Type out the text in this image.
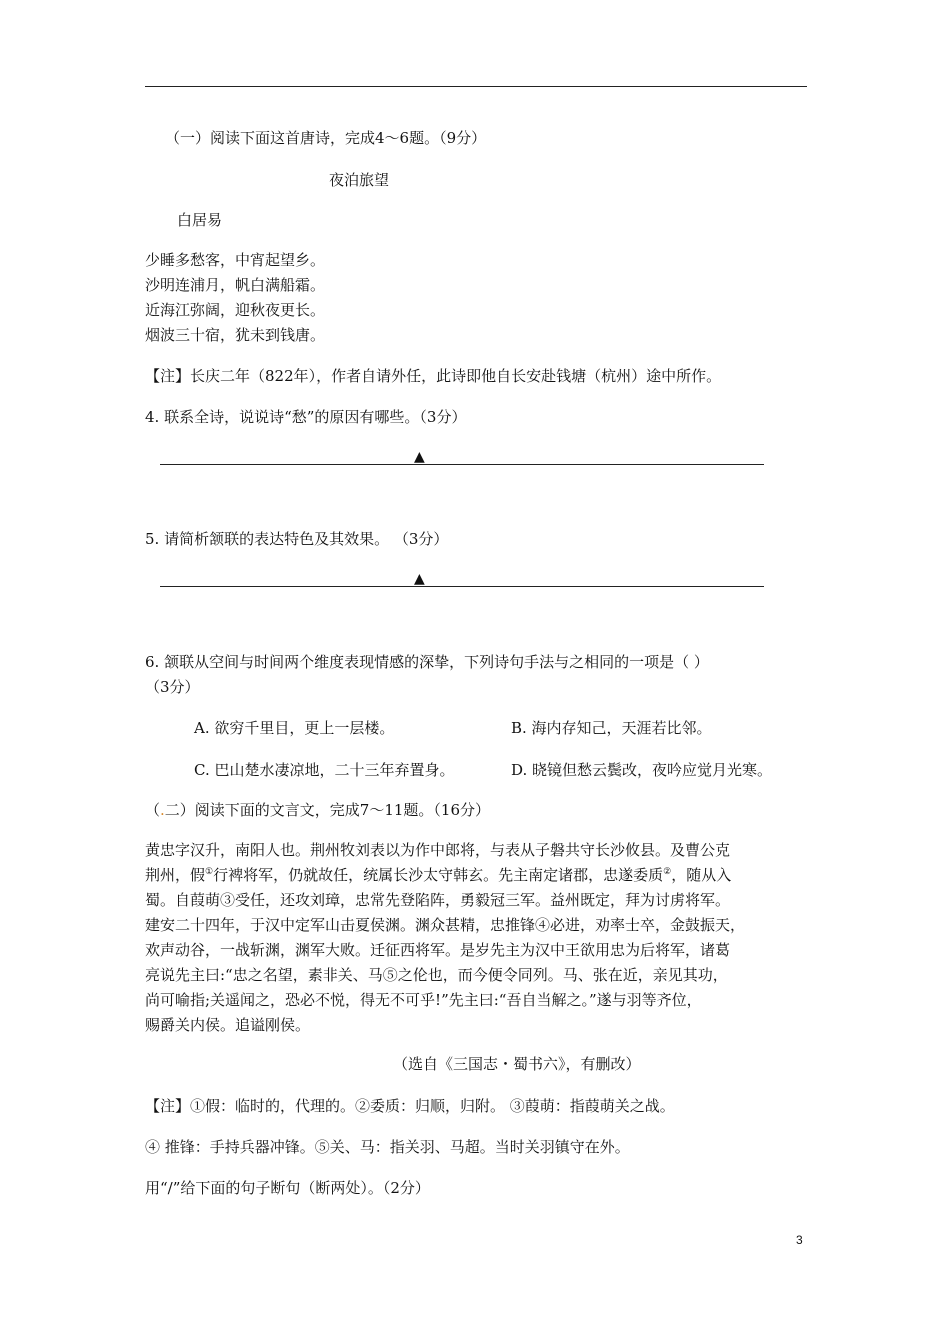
（一）阅读下面这首唐诗，完成4～6题。（9分）
夜泊旅望
白居易
少睡多愁客，中宵起望乡。
沙明连浦月，帆白满船霜。
近海江弥阔，迎秋夜更长。
烟波三十宿，犹未到钱唐。
【注】长庆二年（822年），作者自请外任，此诗即他自长安赴钱塘（杭州）途中所作。
4. 联系全诗，说说诗“愁”的原因有哪些。（3分）
▲
5. 请简析颔联的表达特色及其效果。 （3分）
▲
6. 颔联从空间与时间两个维度表现情感的深挚，下列诗句手法与之相同的一项是（ ）
（3分）
A. 欲穷千里目，更上一层楼。	B. 海内存知己，天涯若比邻。
C. 巴山楚水凄凉地，二十三年弃置身。	D. 晓镜但愁云鬓改，夜吟应觉月光寒。
（.二）阅读下面的文言文，完成7～11题。（16分）
黄忠字汉升，南阳人也。荆州牧刘表以为作中郎将，与表从子磐共守长沙攸县。及曹公克
荆州，假①行裨将军，仍就故任，统属长沙太守韩玄。先主南定诸郡，忠遂委质②，随从入
蜀。自葭萌③受任，还攻刘璋，忠常先登陷阵，勇毅冠三军。益州既定，拜为讨虏将军。
建安二十四年，于汉中定军山击夏侯渊。渊众甚精，忠推锋④必进，劝率士卒，金鼓振天，
欢声动谷，一战斩渊，渊军大败。迁征西将军。是岁先主为汉中王欲用忠为后将军，诸葛
亮说先主曰:“忠之名望，素非关、马⑤之伦也，而今便令同列。马、张在近，亲见其功，
尚可喻指;关遥闻之，恐必不悦，得无不可乎!”先主曰:“吾自当解之。”遂与羽等齐位，
赐爵关内侯。追谥刚侯。
（选自《三国志・蜀书六》，有删改）
【注】①假：临时的，代理的。②委质：归顺，归附。 ③葭萌：指葭萌关之战。
④ 推锋：手持兵器冲锋。⑤关、马：指关羽、马超。当时关羽镇守在外。
用“/”给下面的句子断句（断两处）。（2分）
3
